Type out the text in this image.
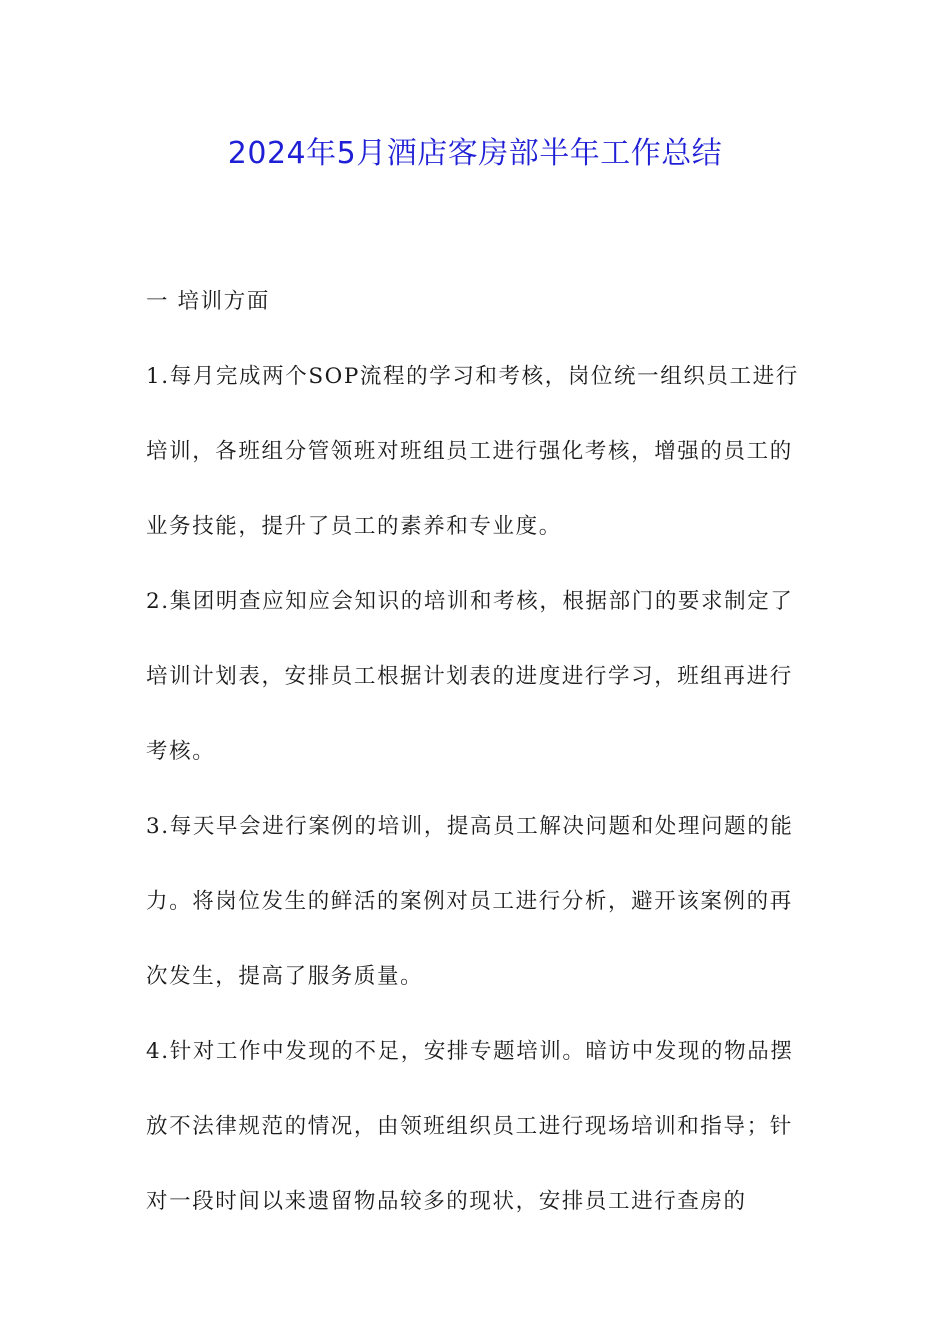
2024年5月酒店客房部半年工作总结

一 培训方面

1.每月完成两个SOP流程的学习和考核，岗位统一组织员工进行培训，各班组分管领班对班组员工进行强化考核，增强的员工的业务技能，提升了员工的素养和专业度。

2.集团明查应知应会知识的培训和考核，根据部门的要求制定了培训计划表，安排员工根据计划表的进度进行学习，班组再进行考核。

3.每天早会进行案例的培训，提高员工解决问题和处理问题的能力。将岗位发生的鲜活的案例对员工进行分析，避开该案例的再次发生，提高了服务质量。

4.针对工作中发现的不足，安排专题培训。暗访中发现的物品摆放不法律规范的情况，由领班组织员工进行现场培训和指导；针对一段时间以来遗留物品较多的现状，安排员工进行查房的
